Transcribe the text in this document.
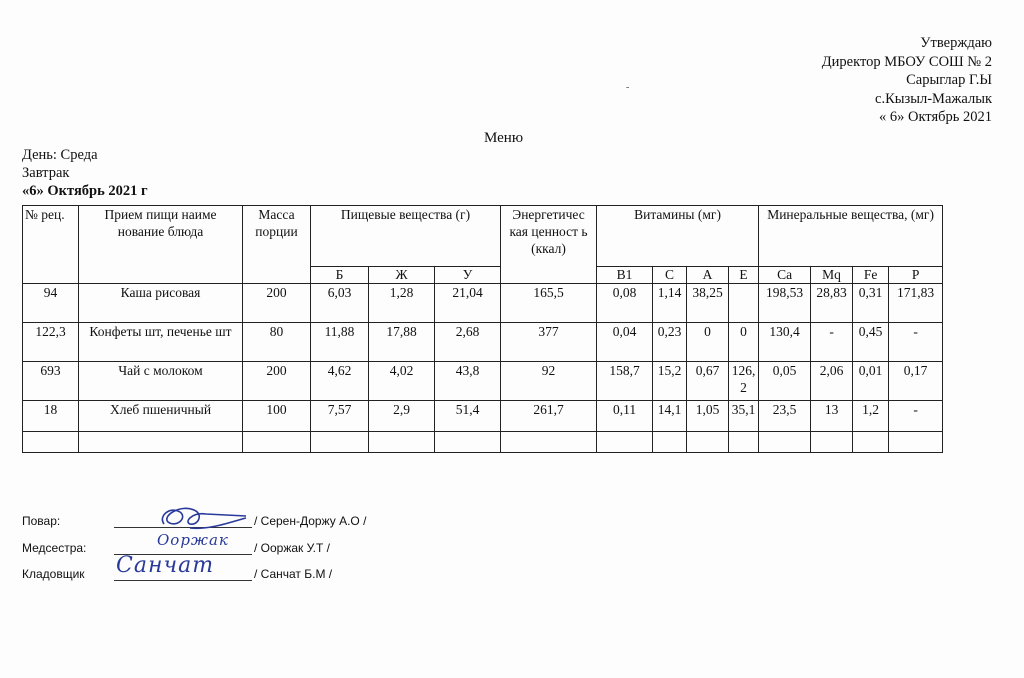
Утверждаю
Директор МБОУ СОШ № 2
Сарыглар Г.Ы
с.Кызыл-Мажалык
« 6» Октябрь 2021
-
Меню
День: Среда
Завтрак
«6» Октябрь 2021 г
№ рец.	Прием пищи наиме нование блюда	Масса порции	Пищевые вещества (г)			Энергетичес кая ценност ь (ккал)	Витамины (мг)				Минеральные вещества, (мг)			
			Б	Ж	У		В1	С	А	Е	Са	Мq	Fe	Р
94	Каша рисовая	200	6,03	1,28	21,04	165,5	0,08	1,14	38,25		198,53	28,83	0,31	171,83
122,3	Конфеты шт, печенье шт	80	11,88	17,88	2,68	377	0,04	0,23	0	0	130,4	-	0,45	-
693	Чай с молоком	200	4,62	4,02	43,8	92	158,7	15,2	0,67	126, 2	0,05	2,06	0,01	0,17
18	Хлеб пшеничный	100	7,57	2,9	51,4	261,7	0,11	14,1	1,05	35,1	23,5	13	1,2	-

Повар:	/ Серен-Доржу А.О /
Медсестра:	Ооржак / Ооржак У.Т /
Кладовщик Санчат	/ Санчат Б.М /
